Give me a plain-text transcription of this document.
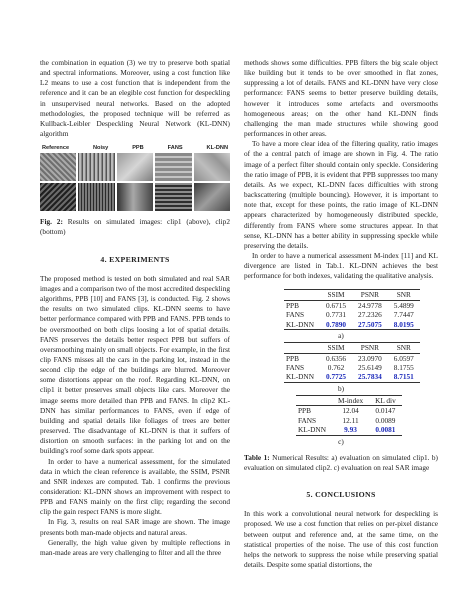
the combination in equation (3) we try to preserve both spatial and spectral informations. Moreover, using a cost function like L2 means to use a cost function that is independent from the reference and it can be an elegible cost function for despeckling in unsupervised neural networks. Based on the adopted methodologies, the proposed technique will be referred as Kullback-Leibler Despeckling Neural Network (KL-DNN) algorithm

Reference	Noisy	PPB	FANS	KL-DNN

Fig. 2: Results on simulated images: clip1 (above), clip2 (bottom)

4. EXPERIMENTS

The proposed method is tested on both simulated and real SAR images and a comparison two of the most accredited despeckling algorithms, PPB [10] and FANS [3], is conducted. Fig. 2 shows the results on two simulated clips. KL-DNN seems to have better performance compared with PPB and FANS. PPB tends to be oversmoothed on both clips loosing a lot of spatial details. FANS preserves the details better respect PPB but suffers of oversmoothing mainly on small objects. For example, in the first clip FANS misses all the cars in the parking lot, instead in the second clip the edge of the buildings are blurred. Moreover some distortions appear on the roof. Regarding KL-DNN, on clip1 it better preserves small objects like cars. Moreover the image seems more detailed than PPB and FANS. In clip2 KL-DNN has similar performances to FANS, even if edge of building and spatial details like foliages of trees are better preserved. The disadvantage of KL-DNN is that it suffers of distortion on smooth surfaces: in the parking lot and on the building's roof some dark spots appear.

In order to have a numerical assessment, for the simulated data in which the clean reference is available, the SSIM, PSNR and SNR indexes are computed. Tab. 1 confirms the previous consideration: KL-DNN shows an improvement with respect to PPB and FANS mainly on the first clip; regarding the second clip the gain respect FANS is more slight.

In Fig. 3, results on real SAR image are shown. The image presents both man-made objects and natural areas.

Generally, the high value given by multiple reflections in man-made areas are very challenging to filter and all the three

methods shows some difficulties. PPB filters the big scale object like building but it tends to be over smoothed in flat zones, suppressing a lot of details. FANS and KL-DNN have very close performance: FANS seems to better preserve building details, however it introduces some artefacts and oversmooths homogeneous areas; on the other hand KL-DNN finds challenging the man made structures while showing good performances in other areas.

To have a more clear idea of the filtering quality, ratio images of the a central patch of image are shown in Fig. 4. The ratio image of a perfect filter should contain only speckle. Considering the ratio image of PPB, it is evident that PPB suppresses too many details. As we expect, KL-DNN faces difficulties with strong backscattering (multiple bouncing). However, it is important to note that, except for these points, the ratio image of KL-DNN appears characterized by homogeneously distributed speckle, differently from FANS where some structures appear. In that sense, KL-DNN has a better ability in suppressing speckle while preserving the details.

In order to have a numerical assessment M-index [11] and KL divergence are listed in Tab.1. KL-DNN achieves the best performance for both indexes, validating the qualitative analysis.

	SSIM	PSNR	SNR
PPB	0.6715	24.9778	5.4899
FANS	0.7731	27.2326	7.7447
KL-DNN	0.7890	27.5075	8.0195
a)
	SSIM	PSNR	SNR
PPB	0.6356	23.0970	6.0597
FANS	0.762	25.6149	8.1755
KL-DNN	0.7725	25.7834	8.7151
b)
	M-index	KL div
PPB	12.04	0.0147
FANS	12.11	0.0089
KL-DNN	9.93	0.0081
c)

Table 1: Numerical Results: a) evaluation on simulated clip1. b) evaluation on simulated clip2. c) evaluation on real SAR image

5. CONCLUSIONS

In this work a convolutional neural network for despeckling is proposed. We use a cost function that relies on per-pixel distance between output and reference and, at the same time, on the statistical properties of the noise. The use of this cost function helps the network to suppress the noise while preserving spatial details. Despite some spatial distortions, the
